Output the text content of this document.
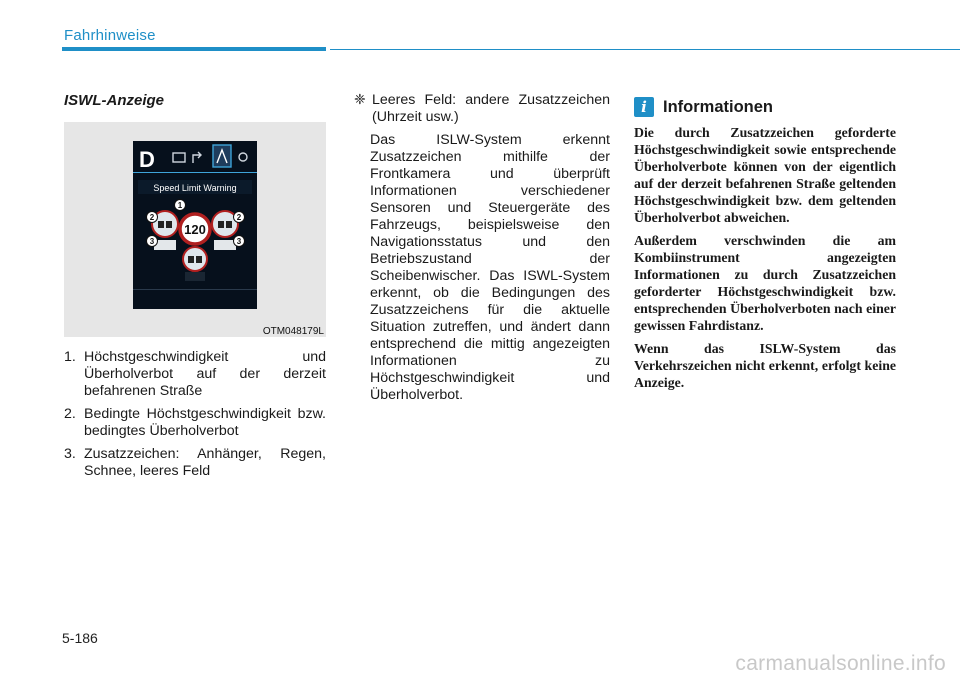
Fahrhinweise
ISWL-Anzeige
D
Speed Limit Warning
120
1
2	2
3	3
OTM048179L
1. Höchstgeschwindigkeit und Überholverbot auf der derzeit befahrenen Straße
2. Bedingte Höchstgeschwindigkeit bzw. bedingtes Überholverbot
3. Zusatzzeichen: Anhänger, Regen, Schnee, leeres Feld

❈ Leeres Feld: andere Zusatzzeichen (Uhrzeit usw.)

Das ISLW-System erkennt Zusatzzeichen mithilfe der Frontkamera und überprüft Informationen verschiedener Sensoren und Steuergeräte des Fahrzeugs, beispielsweise den Navigationsstatus und den Betriebszustand der Scheibenwischer. Das ISWL-System erkennt, ob die Bedingungen des Zusatzzeichens für die aktuelle Situation zutreffen, und ändert dann entsprechend die mittig angezeigten Informationen zu Höchstgeschwindigkeit und Überholverbot.

i Informationen

Die durch Zusatzzeichen geforderte Höchstgeschwindigkeit sowie entsprechende Überholverbote können von der eigentlich auf der derzeit befahrenen Straße geltenden Höchstgeschwindigkeit bzw. dem geltenden Überholverbot abweichen.

Außerdem verschwinden die am Kombiinstrument angezeigten Informationen zu durch Zusatzzeichen geforderter Höchstgeschwindigkeit bzw. entsprechenden Überholverboten nach einer gewissen Fahrdistanz.

Wenn das ISLW-System das Verkehrszeichen nicht erkennt, erfolgt keine Anzeige.

5-186
carmanualsonline.info
